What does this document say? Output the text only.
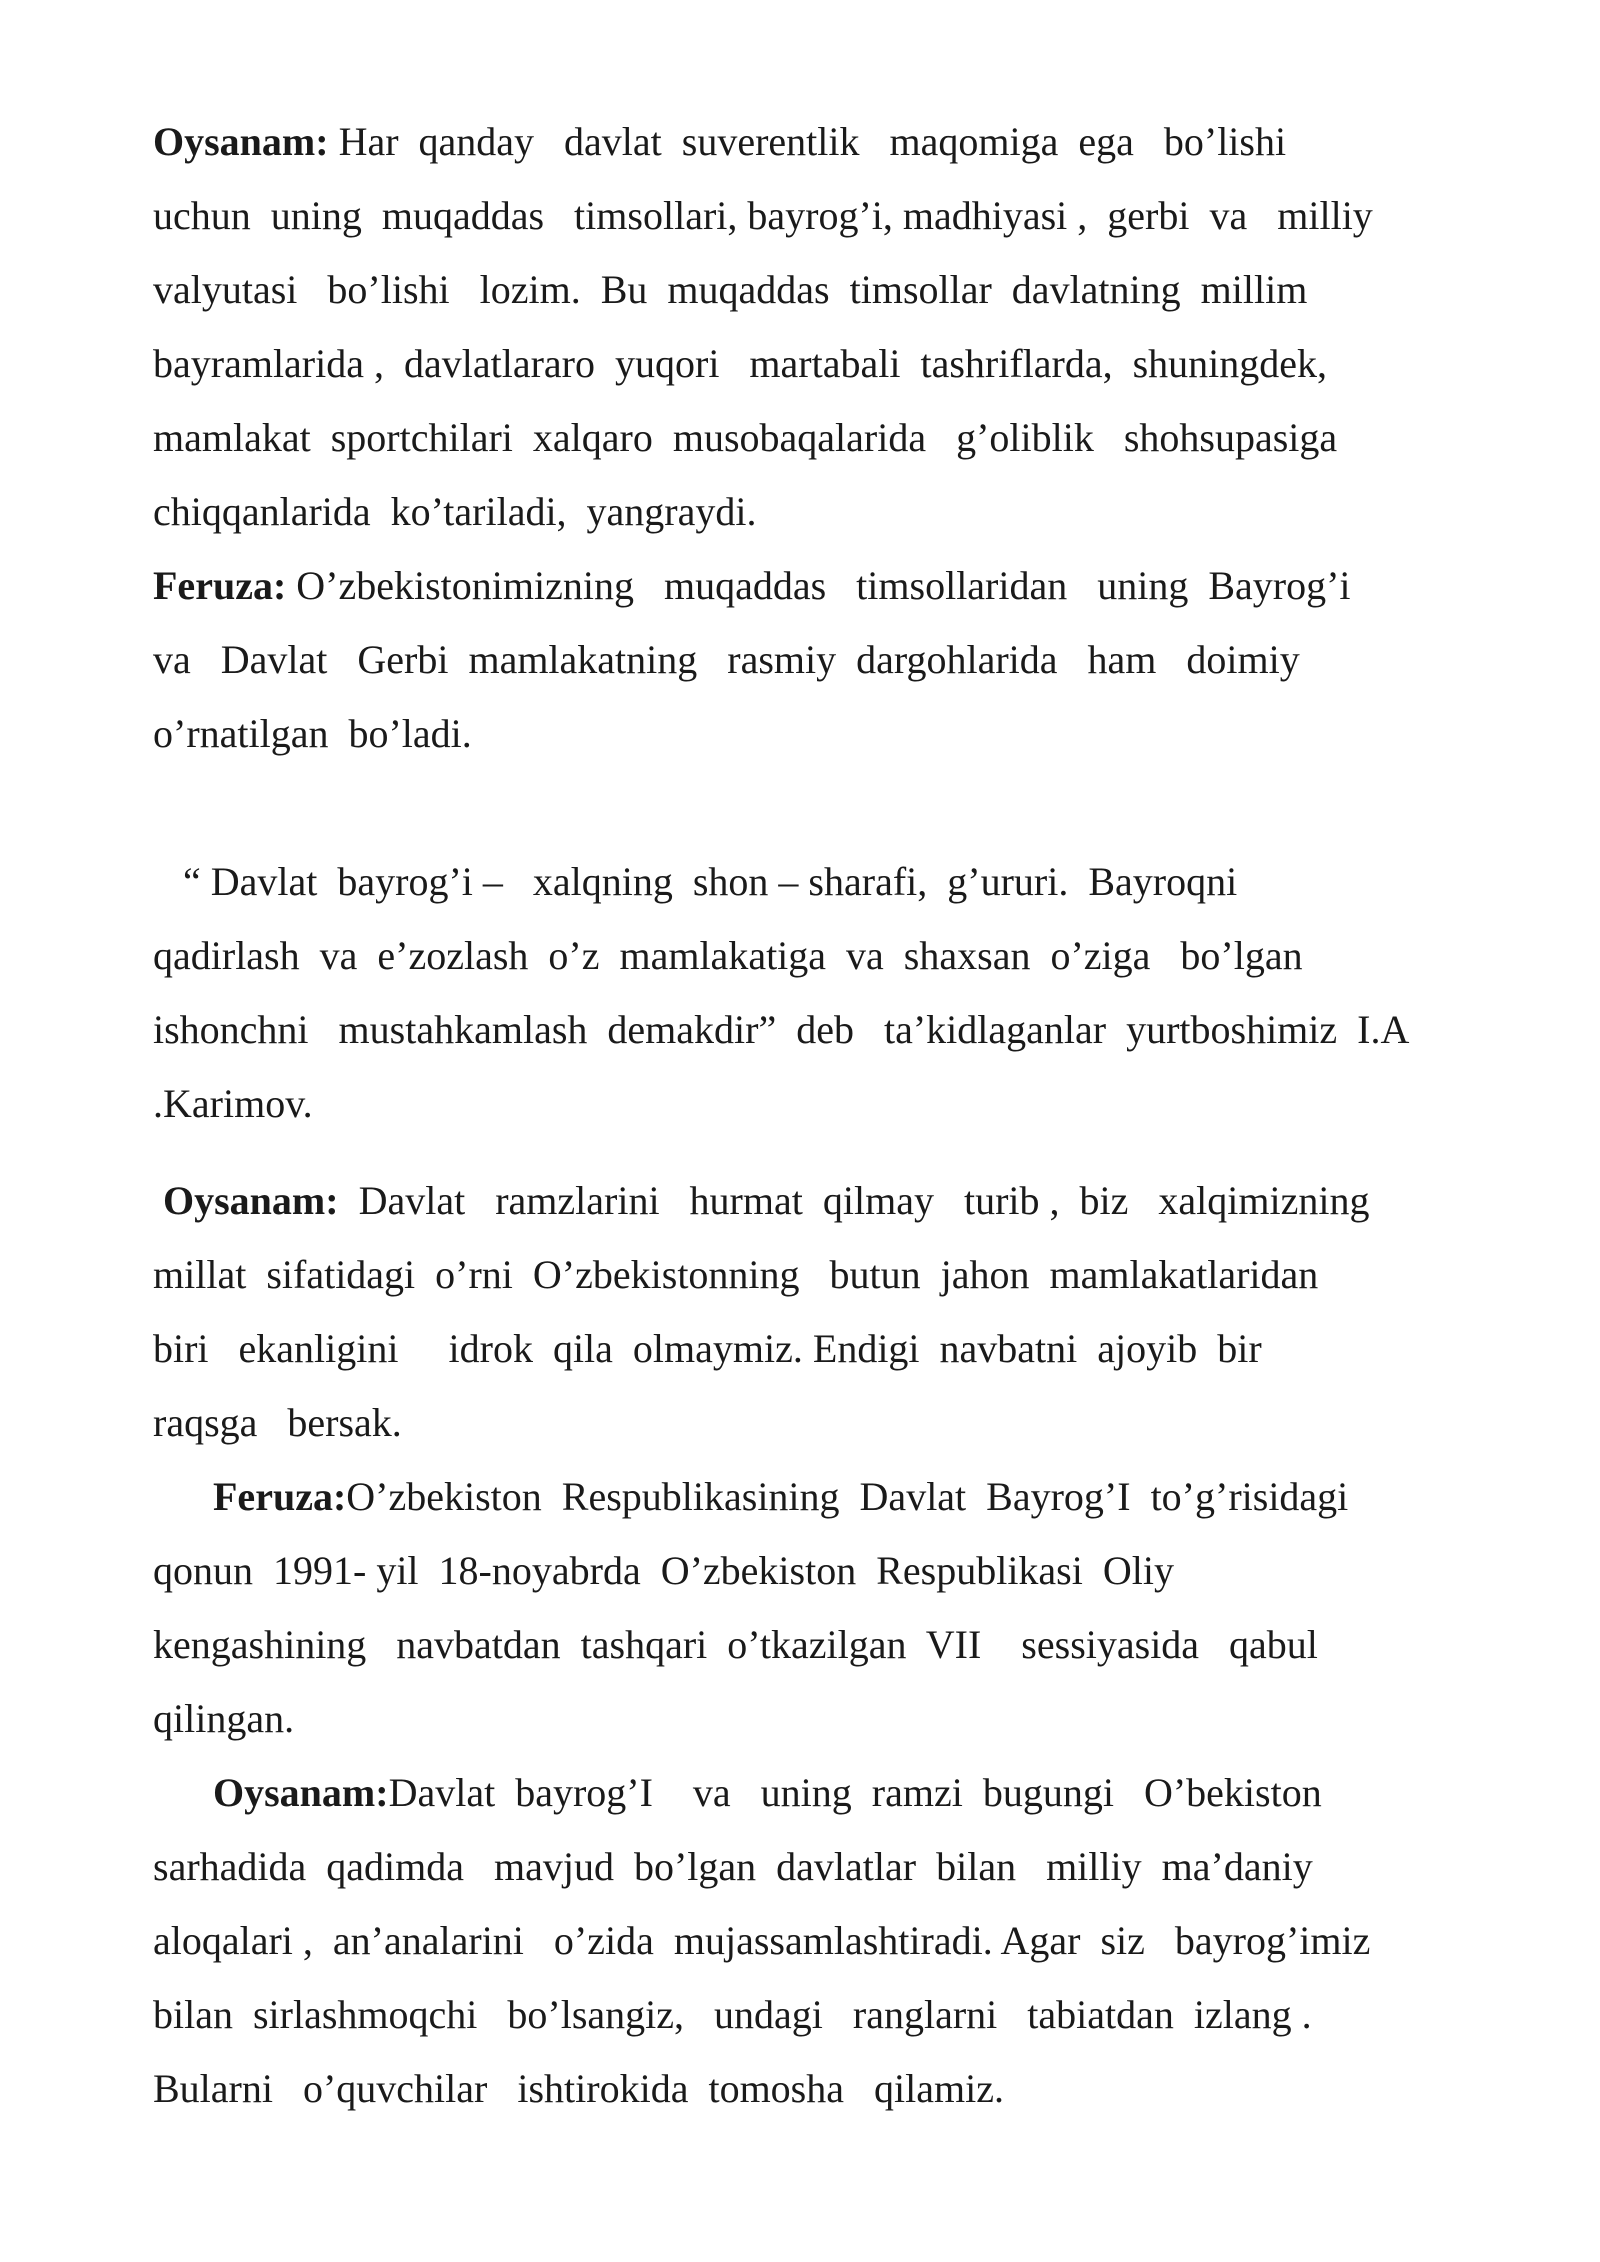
Oysanam: Har  qanday   davlat  suverentlik   maqomiga  ega   bo’lishi

uchun  uning  muqaddas   timsollari, bayrog’i, madhiyasi ,  gerbi  va   milliy

valyutasi   bo’lishi   lozim.  Bu  muqaddas  timsollar  davlatning  millim

bayramlarida ,  davlatlararo  yuqori   martabali  tashriflarda,  shuningdek,

mamlakat  sportchilari  xalqaro  musobaqalarida   g’oliblik   shohsupasiga

chiqqanlarida  ko’tariladi,  yangraydi.

Feruza: O’zbekistonimizning   muqaddas   timsollaridan   uning  Bayrog’i

va   Davlat   Gerbi  mamlakatning   rasmiy  dargohlarida   ham   doimiy

o’rnatilgan  bo’ladi.

“ Davlat  bayrog’i –   xalqning  shon – sharafi,  g’ururi.  Bayroqni

qadirlash  va  e’zozlash  o’z  mamlakatiga  va  shaxsan  o’ziga   bo’lgan

ishonchni   mustahkamlash  demakdir”  deb   ta’kidlaganlar  yurtboshimiz  I.A

.Karimov.

Oysanam:  Davlat   ramzlarini   hurmat  qilmay   turib ,  biz   xalqimizning

millat  sifatidagi  o’rni  O’zbekistonning   butun  jahon  mamlakatlaridan

biri   ekanligini     idrok  qila  olmaymiz. Endigi  navbatni  ajoyib  bir

raqsga   bersak.

Feruza:O’zbekiston  Respublikasining  Davlat  Bayrog’I  to’g’risidagi

qonun  1991- yil  18-noyabrda  O’zbekiston  Respublikasi  Oliy

kengashining   navbatdan  tashqari  o’tkazilgan  VII    sessiyasida   qabul

qilingan.

Oysanam:Davlat  bayrog’I    va   uning  ramzi  bugungi   O’bekiston

sarhadida  qadimda   mavjud  bo’lgan  davlatlar  bilan   milliy  ma’daniy

aloqalari ,  an’analarini   o’zida  mujassamlashtiradi. Agar  siz   bayrog’imiz

bilan  sirlashmoqchi   bo’lsangiz,   undagi   ranglarni   tabiatdan  izlang .

Bularni   o’quvchilar   ishtirokida  tomosha   qilamiz.
